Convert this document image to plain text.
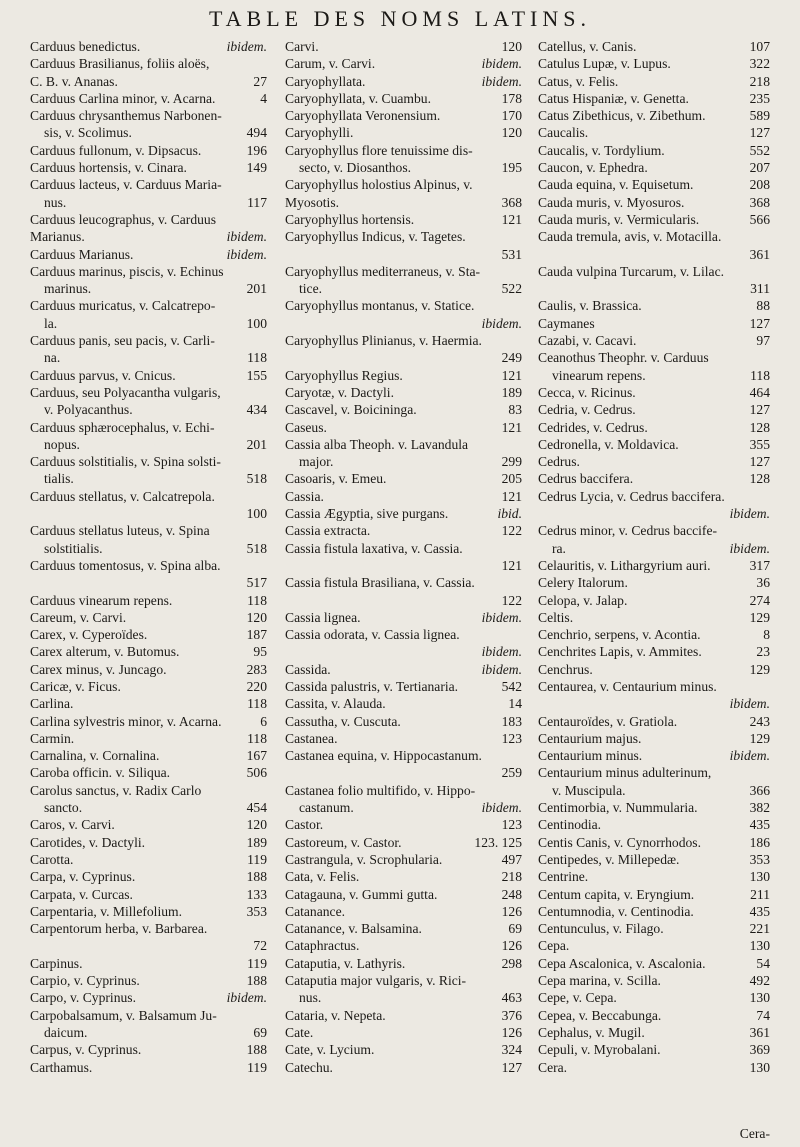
TABLE DES NOMS LATINS.
Carduus benedictus.	ibidem.
Carduus Brasilianus, foliis aloës,
C. B. v. Ananas.	27
Carduus Carlina minor, v. Acarna.	4
Carduus chrysanthemus Narbonen-
sis, v. Scolimus.	494
Carduus fullonum, v. Dipsacus.	196
Carduus hortensis, v. Cinara.	149
Carduus lacteus, v. Carduus Maria-
nus.	117
Carduus leucographus, v. Carduus
Marianus.	ibidem.
Carduus Marianus.	ibidem.
Carduus marinus, piscis, v. Echinus
marinus.	201
Carduus muricatus, v. Calcatrepo-
la.	100
Carduus panis, seu pacis, v. Carli-
na.	118
Carduus parvus, v. Cnicus.	155
Carduus, seu Polyacantha vulgaris,
v. Polyacanthus.	434
Carduus sphærocephalus, v. Echi-
nopus.	201
Carduus solstitialis, v. Spina solsti-
tialis.	518
Carduus stellatus, v. Calcatrepola.
100
Carduus stellatus luteus, v. Spina
solstitialis.	518
Carduus tomentosus, v. Spina alba.
517
Carduus vinearum repens.	118
Careum, v. Carvi.	120
Carex, v. Cyperoïdes.	187
Carex alterum, v. Butomus.	95
Carex minus, v. Juncago.	283
Caricæ, v. Ficus.	220
Carlina.	118
Carlina sylvestris minor, v. Acarna.	6
Carmin.	118
Carnalina, v. Cornalina.	167
Caroba officin. v. Siliqua.	506
Carolus sanctus, v. Radix Carlo
sancto.	454
Caros, v. Carvi.	120
Carotides, v. Dactyli.	189
Carotta.	119
Carpa, v. Cyprinus.	188
Carpata, v. Curcas.	133
Carpentaria, v. Millefolium.	353
Carpentorum herba, v. Barbarea.
72
Carpinus.	119
Carpio, v. Cyprinus.	188
Carpo, v. Cyprinus.	ibidem.
Carpobalsamum, v. Balsamum Ju-
daicum.	69
Carpus, v. Cyprinus.	188
Carthamus.	119
Carvi.	120
Carum, v. Carvi.	ibidem.
Caryophyllata.	ibidem.
Caryophyllata, v. Cuambu.	178
Caryophyllata Veronensium.	170
Caryophylli.	120
Caryophyllus flore tenuissime dis-
secto, v. Diosanthos.	195
Caryophyllus holostius Alpinus, v.
Myosotis.	368
Caryophyllus hortensis.	121
Caryophyllus Indicus, v. Tagetes.
531
Caryophyllus mediterraneus, v. Sta-
tice.	522
Caryophyllus montanus, v. Statice.
ibidem.
Caryophyllus Plinianus, v. Haermia.
249
Caryophyllus Regius.	121
Caryotæ, v. Dactyli.	189
Cascavel, v. Boicininga.	83
Caseus.	121
Cassia alba Theoph. v. Lavandula
major.	299
Casoaris, v. Emeu.	205
Cassia.	121
Cassia Ægyptia, sive purgans.	ibid.
Cassia extracta.	122
Cassia fistula laxativa, v. Cassia.
121
Cassia fistula Brasiliana, v. Cassia.
122
Cassia lignea.	ibidem.
Cassia odorata, v. Cassia lignea.
ibidem.
Cassida.	ibidem.
Cassida palustris, v. Tertianaria.	542
Cassita, v. Alauda.	14
Cassutha, v. Cuscuta.	183
Castanea.	123
Castanea equina, v. Hippocastanum.
259
Castanea folio multifido, v. Hippo-
castanum.	ibidem.
Castor.	123
Castoreum, v. Castor.	123. 125
Castrangula, v. Scrophularia.	497
Cata, v. Felis.	218
Catagauna, v. Gummi gutta.	248
Catanance.	126
Catanance, v. Balsamina.	69
Cataphractus.	126
Cataputia, v. Lathyris.	298
Cataputia major vulgaris, v. Rici-
nus.	463
Cataria, v. Nepeta.	376
Cate.	126
Cate, v. Lycium.	324
Catechu.	127
Catellus, v. Canis.	107
Catulus Lupæ, v. Lupus.	322
Catus, v. Felis.	218
Catus Hispaniæ, v. Genetta.	235
Catus Zibethicus, v. Zibethum.	589
Caucalis.	127
Caucalis, v. Tordylium.	552
Caucon, v. Ephedra.	207
Cauda equina, v. Equisetum.	208
Cauda muris, v. Myosuros.	368
Cauda muris, v. Vermicularis.	566
Cauda tremula, avis, v. Motacilla.
361
Cauda vulpina Turcarum, v. Lilac.
311
Caulis, v. Brassica.	88
Caymanes	127
Cazabi, v. Cacavi.	97
Ceanothus Theophr. v. Carduus
vinearum repens.	118
Cecca, v. Ricinus.	464
Cedria, v. Cedrus.	127
Cedrides, v. Cedrus.	128
Cedronella, v. Moldavica.	355
Cedrus.	127
Cedrus baccifera.	128
Cedrus Lycia, v. Cedrus baccifera.
ibidem.
Cedrus minor, v. Cedrus baccife-
ra.	ibidem.
Celauritis, v. Lithargyrium auri.	317
Celery Italorum.	36
Celopa, v. Jalap.	274
Celtis.	129
Cenchrio, serpens, v. Acontia.	8
Cenchrites Lapis, v. Ammites.	23
Cenchrus.	129
Centaurea, v. Centaurium minus.
ibidem.
Centauroïdes, v. Gratiola.	243
Centaurium majus.	129
Centaurium minus.	ibidem.
Centaurium minus adulterinum,
v. Muscipula.	366
Centimorbia, v. Nummularia.	382
Centinodia.	435
Centis Canis, v. Cynorrhodos.	186
Centipedes, v. Millepedæ.	353
Centrine.	130
Centum capita, v. Eryngium.	211
Centumnodia, v. Centinodia.	435
Centunculus, v. Filago.	221
Cepa.	130
Cepa Ascalonica, v. Ascalonia.	54
Cepa marina, v. Scilla.	492
Cepe, v. Cepa.	130
Cepea, v. Beccabunga.	74
Cephalus, v. Mugil.	361
Cepuli, v. Myrobalani.	369
Cera.	130
Cera-
